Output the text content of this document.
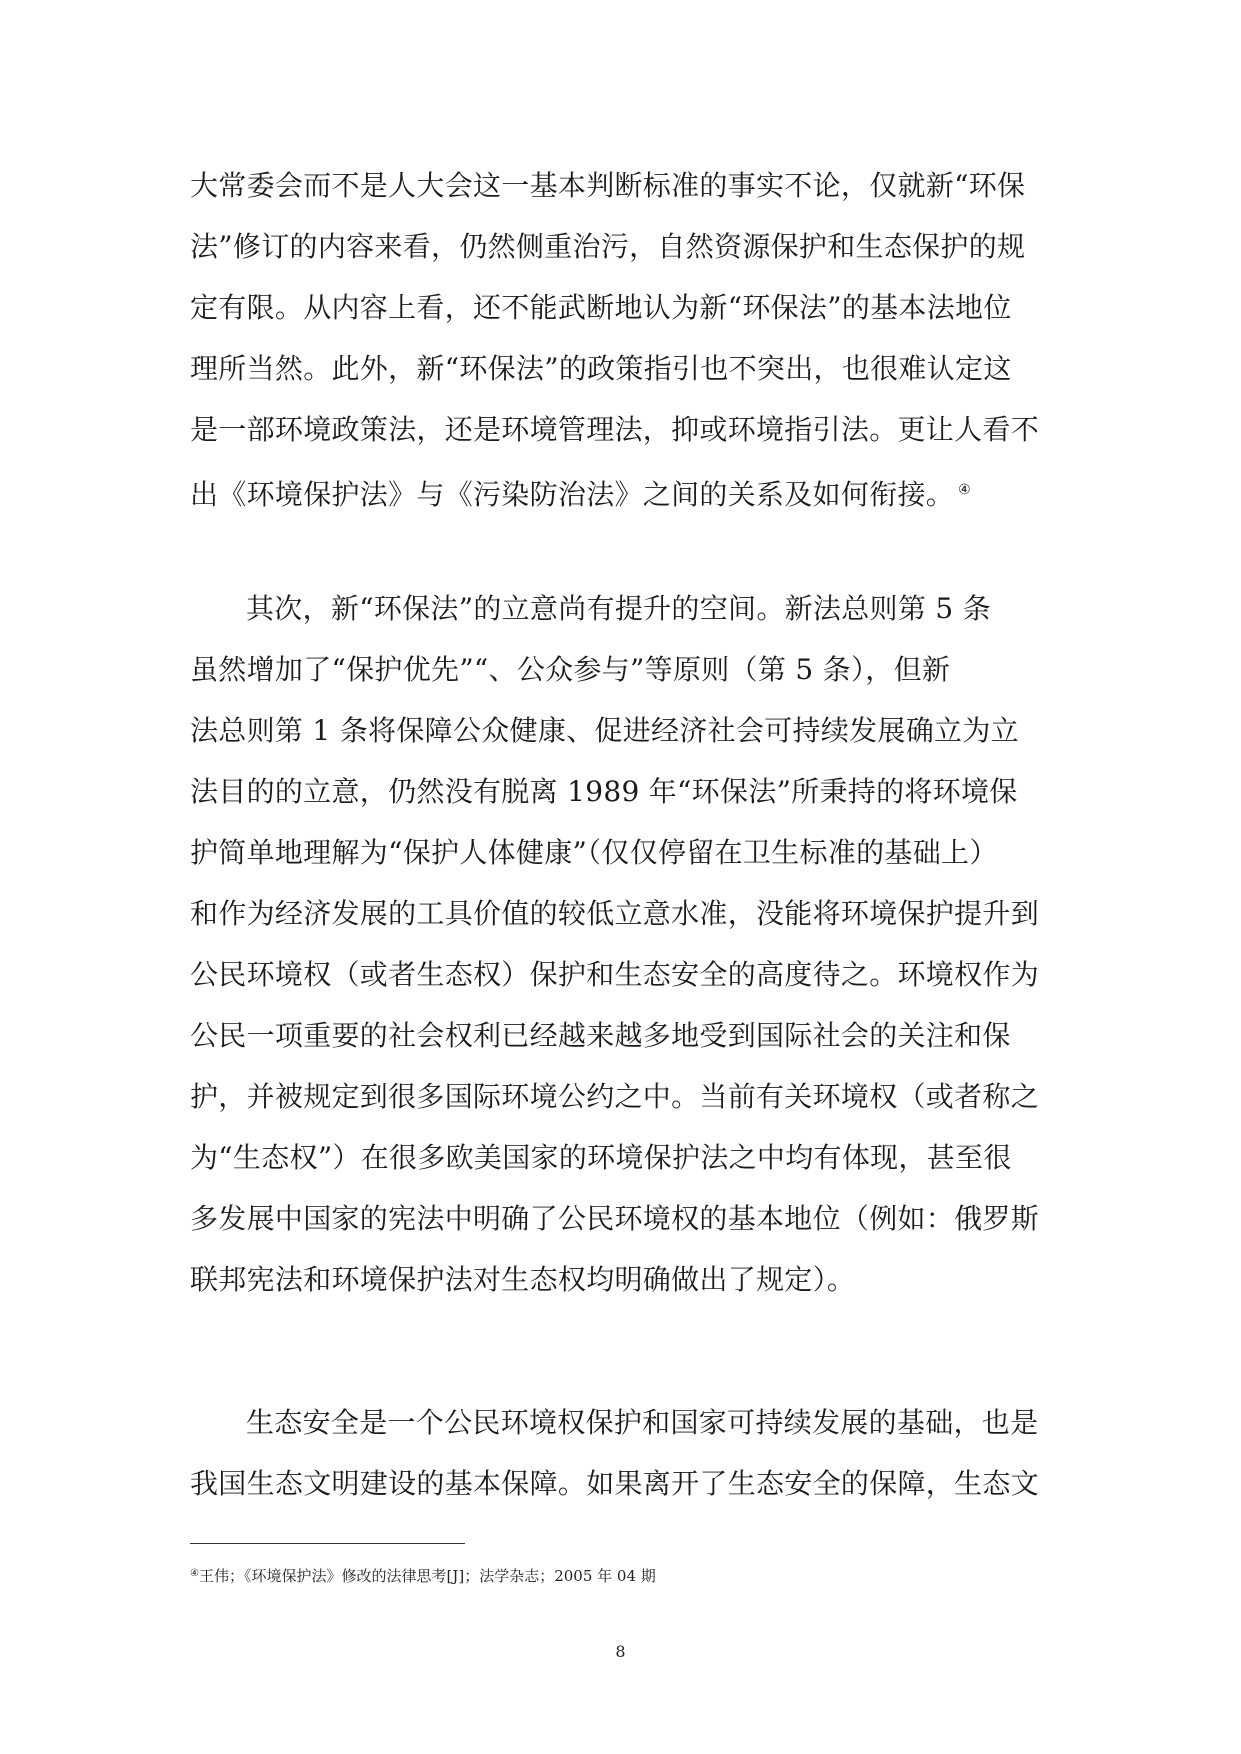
大常委会而不是人大会这一基本判断标准的事实不论，仅就新“环保
法”修订的内容来看，仍然侧重治污，自然资源保护和生态保护的规
定有限。从内容上看，还不能武断地认为新“环保法”的基本法地位
理所当然。此外，新“环保法”的政策指引也不突出，也很难认定这
是一部环境政策法，还是环境管理法，抑或环境指引法。更让人看不
出《环境保护法》与《污染防治法》之间的关系及如何衔接。 ④
其次，新“环保法”的立意尚有提升的空间。新法总则第 5 条
虽然增加了“保护优先”“、公众参与”等原则（第 5 条），但新
法总则第 1 条将保障公众健康、促进经济社会可持续发展确立为立
法目的的立意，仍然没有脱离 1989 年“环保法”所秉持的将环境保
护简单地理解为“保护人体健康”（仅仅停留在卫生标准的基础上）
和作为经济发展的工具价值的较低立意水准，没能将环境保护提升到
公民环境权（或者生态权）保护和生态安全的高度待之。环境权作为
公民一项重要的社会权利已经越来越多地受到国际社会的关注和保
护，并被规定到很多国际环境公约之中。当前有关环境权（或者称之
为“生态权”）在很多欧美国家的环境保护法之中均有体现，甚至很
多发展中国家的宪法中明确了公民环境权的基本地位（例如：俄罗斯
联邦宪法和环境保护法对生态权均明确做出了规定）。
生态安全是一个公民环境权保护和国家可持续发展的基础，也是
我国生态文明建设的基本保障。如果离开了生态安全的保障，生态文
④王伟；《环境保护法》修改的法律思考[J]；法学杂志；2005 年 04 期
8
